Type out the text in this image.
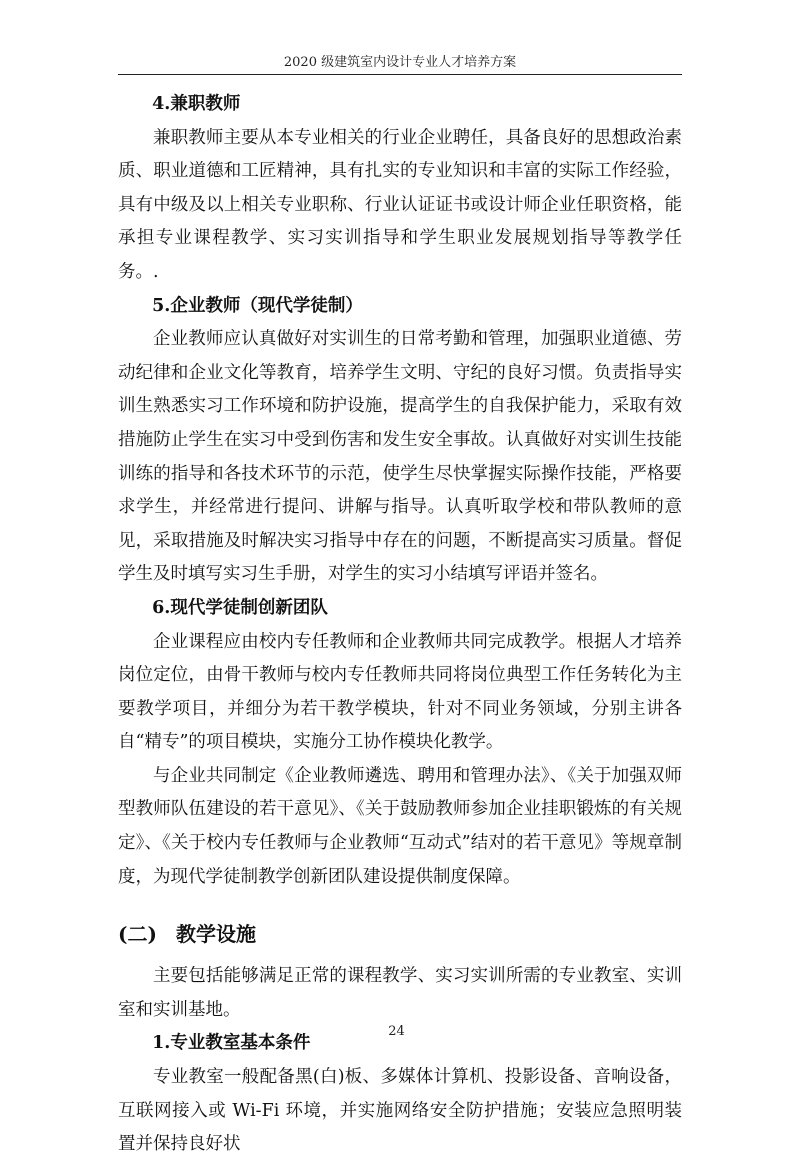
2020 级建筑室内设计专业人才培养方案

4.兼职教师

兼职教师主要从本专业相关的行业企业聘任，具备良好的思想政治素质、职业道德和工匠精神，具有扎实的专业知识和丰富的实际工作经验，具有中级及以上相关专业职称、行业认证证书或设计师企业任职资格，能承担专业课程教学、实习实训指导和学生职业发展规划指导等教学任务。.

5.企业教师（现代学徒制）

企业教师应认真做好对实训生的日常考勤和管理，加强职业道德、劳动纪律和企业文化等教育，培养学生文明、守纪的良好习惯。负责指导实训生熟悉实习工作环境和防护设施，提高学生的自我保护能力，采取有效措施防止学生在实习中受到伤害和发生安全事故。认真做好对实训生技能训练的指导和各技术环节的示范，使学生尽快掌握实际操作技能，严格要求学生，并经常进行提问、讲解与指导。认真听取学校和带队教师的意见，采取措施及时解决实习指导中存在的问题，不断提高实习质量。督促学生及时填写实习生手册，对学生的实习小结填写评语并签名。

6.现代学徒制创新团队

企业课程应由校内专任教师和企业教师共同完成教学。根据人才培养岗位定位，由骨干教师与校内专任教师共同将岗位典型工作任务转化为主要教学项目，并细分为若干教学模块，针对不同业务领域，分别主讲各自“精专”的项目模块，实施分工协作模块化教学。

与企业共同制定《企业教师遴选、聘用和管理办法》、《关于加强双师型教师队伍建设的若干意见》、《关于鼓励教师参加企业挂职锻炼的有关规定》、《关于校内专任教师与企业教师“互动式”结对的若干意见》等规章制度，为现代学徒制教学创新团队建设提供制度保障。

(二) 教学设施

主要包括能够满足正常的课程教学、实习实训所需的专业教室、实训室和实训基地。

1.专业教室基本条件

专业教室一般配备黑(白)板、多媒体计算机、投影设备、音响设备，互联网接入或 Wi-Fi 环境，并实施网络安全防护措施；安装应急照明装置并保持良好状

24
